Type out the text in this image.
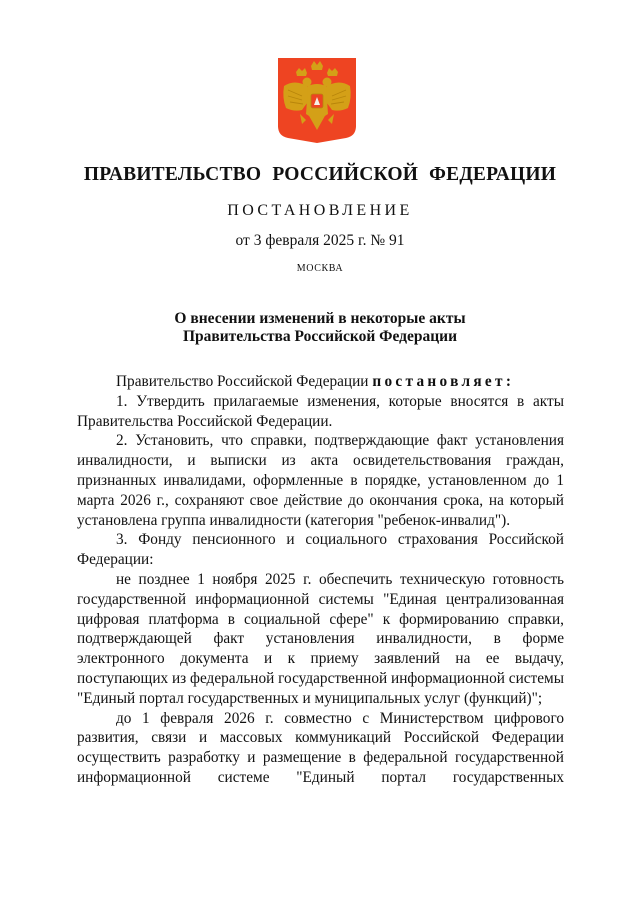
ПРАВИТЕЛЬСТВО РОССИЙСКОЙ ФЕДЕРАЦИИ
ПОСТАНОВЛЕНИЕ
от 3 февраля 2025 г. № 91
МОСКВА
О внесении изменений в некоторые акты
Правительства Российской Федерации

Правительство Российской Федерации постановляет:

1. Утвердить прилагаемые изменения, которые вносятся в акты Правительства Российской Федерации.

2. Установить, что справки, подтверждающие факт установления инвалидности, и выписки из акта освидетельствования граждан, признанных инвалидами, оформленные в порядке, установленном до 1 марта 2026 г., сохраняют свое действие до окончания срока, на который установлена группа инвалидности (категория "ребенок-инвалид").

3. Фонду пенсионного и социального страхования Российской Федерации:

не позднее 1 ноября 2025 г. обеспечить техническую готовность государственной информационной системы "Единая централизованная цифровая платформа в социальной сфере" к формированию справки, подтверждающей факт установления инвалидности, в форме электронного документа и к приему заявлений на ее выдачу, поступающих из федеральной государственной информационной системы "Единый портал государственных и муниципальных услуг (функций)";

до 1 февраля 2026 г. совместно с Министерством цифрового развития, связи и массовых коммуникаций Российской Федерации осуществить разработку и размещение в федеральной государственной информационной системе "Единый портал государственных
